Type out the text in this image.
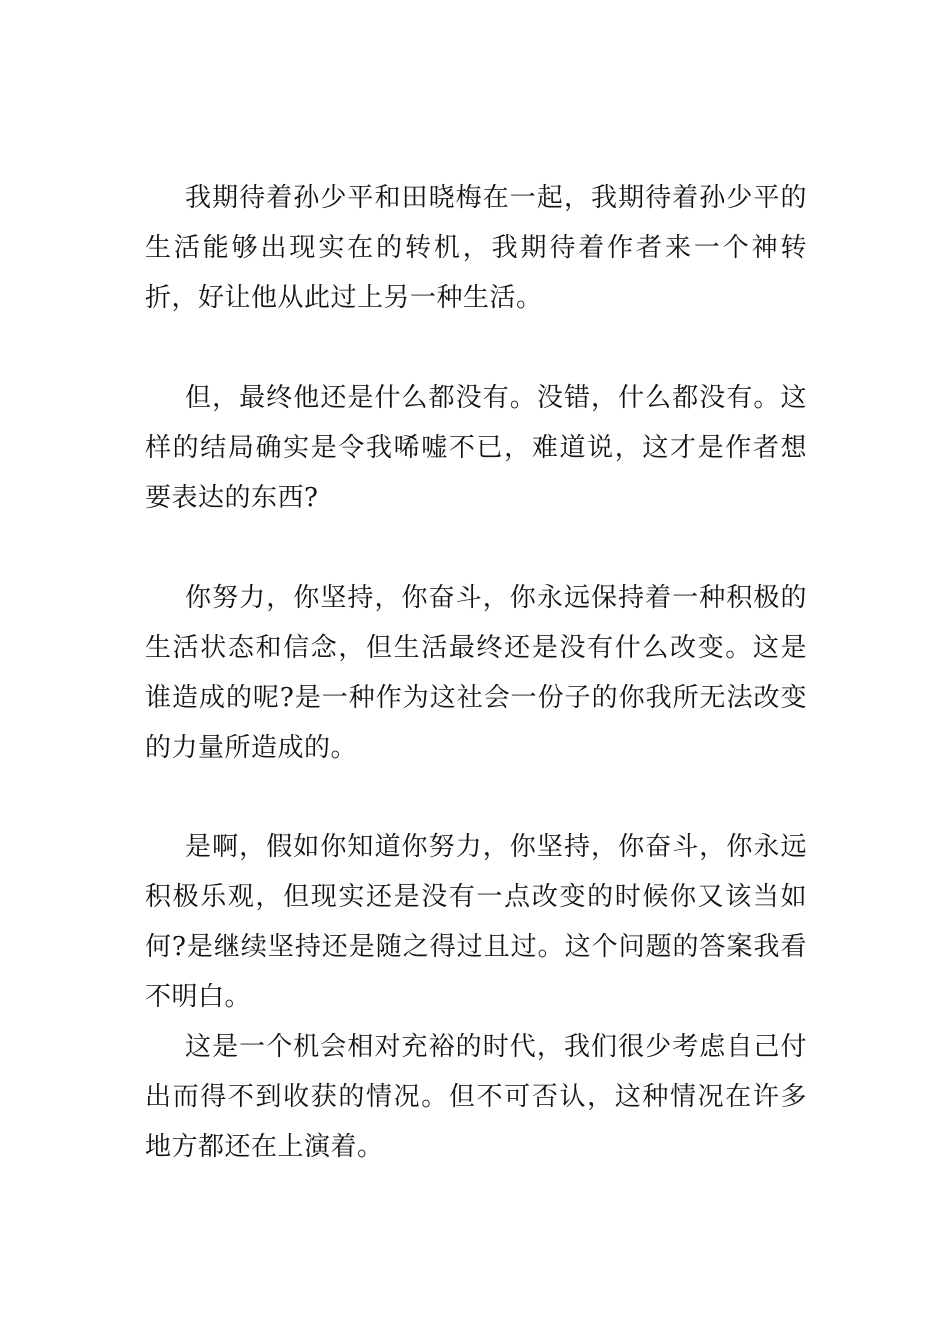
我期待着孙少平和田晓梅在一起，我期待着孙少平的生活能够出现实在的转机，我期待着作者来一个神转折，好让他从此过上另一种生活。

但，最终他还是什么都没有。没错，什么都没有。这样的结局确实是令我唏嘘不已，难道说，这才是作者想要表达的东西?

你努力，你坚持，你奋斗，你永远保持着一种积极的生活状态和信念，但生活最终还是没有什么改变。这是谁造成的呢?是一种作为这社会一份子的你我所无法改变的力量所造成的。

是啊，假如你知道你努力，你坚持，你奋斗，你永远积极乐观，但现实还是没有一点改变的时候你又该当如何?是继续坚持还是随之得过且过。这个问题的答案我看不明白。

这是一个机会相对充裕的时代，我们很少考虑自己付出而得不到收获的情况。但不可否认，这种情况在许多地方都还在上演着。
